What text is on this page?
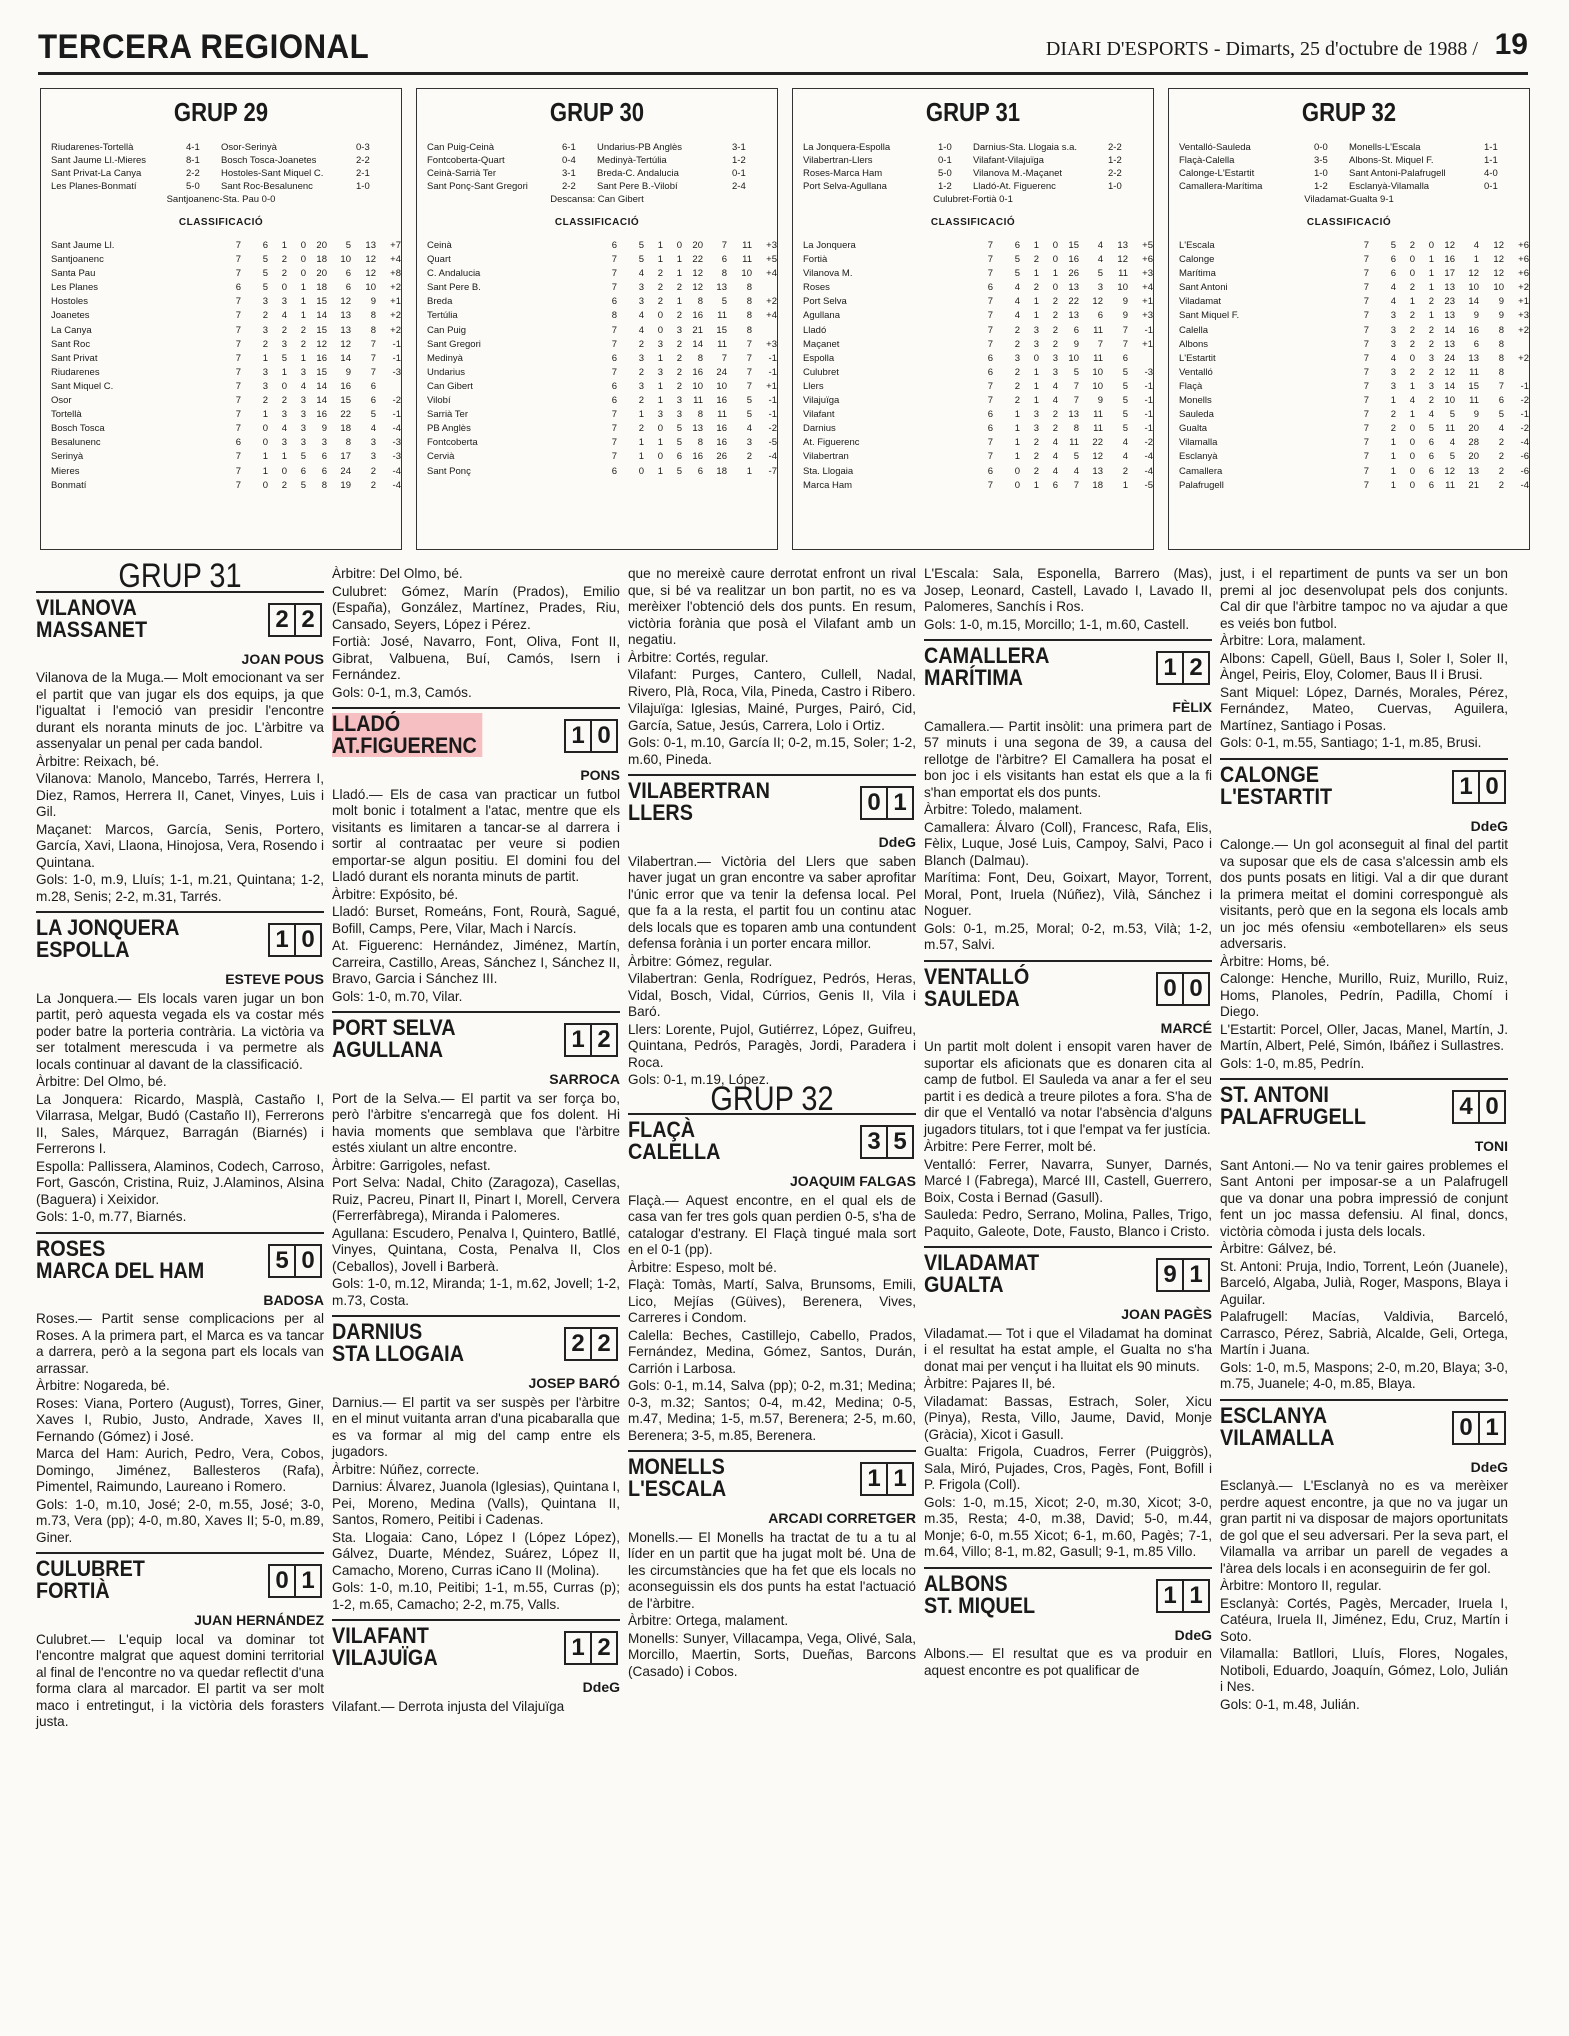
TERCERA REGIONAL	DIARI D'ESPORTS - Dimarts, 25 d'octubre de 1988 / 19
GRUP 29
Riudarenes-Tortellà	4-1	Osor-Serinyà	0-3
Sant Jaume Ll.-Mieres	8-1	Bosch Tosca-Joanetes	2-2
Sant Privat-La Canya	2-2	Hostoles-Sant Miquel C.	2-1
Les Planes-Bonmatí	5-0	Sant Roc-Besalunenc	1-0
Santjoanenc-Sta. Pau 0-0
CLASSIFICACIÓ
Sant Jaume Ll.	7	6	1	0	20	5	13	+7
Santjoanenc	7	5	2	0	18	10	12	+4
Santa Pau	7	5	2	0	20	6	12	+8
Les Planes	6	5	0	1	18	6	10	+2
Hostoles	7	3	3	1	15	12	9	+1
Joanetes	7	2	4	1	14	13	8	+2
La Canya	7	3	2	2	15	13	8	+2
Sant Roc	7	2	3	2	12	12	7	-1
Sant Privat	7	1	5	1	16	14	7	-1
Riudarenes	7	3	1	3	15	9	7	-3
Sant Miquel C.	7	3	0	4	14	16	6
Osor	7	2	2	3	14	15	6	-2
Tortellà	7	1	3	3	16	22	5	-1
Bosch Tosca	7	0	4	3	9	18	4	-4
Besalunenc	6	0	3	3	3	8	3	-3
Serinyà	7	1	1	5	6	17	3	-3
Mieres	7	1	0	6	6	24	2	-4
Bonmatí	7	0	2	5	8	19	2	-4
GRUP 30
Can Puig-Ceinà	6-1	Undarius-PB Anglès	3-1
Fontcoberta-Quart	0-4	Medinyà-Tertúlia	1-2
Ceinà-Sarrià Ter	3-1	Breda-C. Andalucia	0-1
Sant Ponç-Sant Gregori	2-2	Sant Pere B.-Vilobí	2-4
Descansa: Can Gibert
CLASSIFICACIÓ
Ceinà	6	5	1	0	20	7	11	+3
Quart	7	5	1	1	22	6	11	+5
C. Andalucia	7	4	2	1	12	8	10	+4
Sant Pere B.	7	3	2	2	12	13	8
Breda	6	3	2	1	8	5	8	+2
Tertúlia	8	4	0	2	16	11	8	+4
Can Puig	7	4	0	3	21	15	8
Sant Gregori	7	2	3	2	14	11	7	+3
Medinyà	6	3	1	2	8	7	7	-1
Undarius	7	2	3	2	16	24	7	-1
Can Gibert	6	3	1	2	10	10	7	+1
Vilobí	6	2	1	3	11	16	5	-1
Sarrià Ter	7	1	3	3	8	11	5	-1
PB Anglès	7	2	0	5	13	16	4	-2
Fontcoberta	7	1	1	5	8	16	3	-5
Cervià	7	1	0	6	16	26	2	-4
Sant Ponç	6	0	1	5	6	18	1	-7
GRUP 31
La Jonquera-Espolla	1-0	Darnius-Sta. Llogaia s.a.	2-2
Vilabertran-Llers	0-1	Vilafant-Vilajuïga	1-2
Roses-Marca Ham	5-0	Vilanova M.-Maçanet	2-2
Port Selva-Agullana	1-2	Lladó-At. Figuerenc	1-0
Culubret-Fortià 0-1
CLASSIFICACIÓ
La Jonquera	7	6	1	0	15	4	13	+5
Fortià	7	5	2	0	16	4	12	+6
Vilanova M.	7	5	1	1	26	5	11	+3
Roses	6	4	2	0	13	3	10	+4
Port Selva	7	4	1	2	22	12	9	+1
Agullana	7	4	1	2	13	6	9	+3
Lladó	7	2	3	2	6	11	7	-1
Maçanet	7	2	3	2	9	7	7	+1
Espolla	6	3	0	3	10	11	6
Culubret	6	2	1	3	5	10	5	-3
Llers	7	2	1	4	7	10	5	-1
Vilajuïga	7	2	1	4	7	9	5	-1
Vilafant	6	1	3	2	13	11	5	-1
Darnius	6	1	3	2	8	11	5	-1
At. Figuerenc	7	1	2	4	11	22	4	-2
Vilabertran	7	1	2	4	5	12	4	-4
Sta. Llogaia	6	0	2	4	4	13	2	-4
Marca Ham	7	0	1	6	7	18	1	-5
GRUP 32
Ventalló-Sauleda	0-0	Monells-L'Escala	1-1
Flaçà-Calella	3-5	Albons-St. Miquel F.	1-1
Calonge-L'Estartit	1-0	Sant Antoni-Palafrugell	4-0
Camallera-Marítima	1-2	Esclanyà-Vilamalla	0-1
Viladamat-Gualta 9-1
CLASSIFICACIÓ
L'Escala	7	5	2	0	12	4	12	+6
Calonge	7	6	0	1	16	1	12	+6
Marítima	7	6	0	1	17	12	12	+6
Sant Antoni	7	4	2	1	13	10	10	+2
Viladamat	7	4	1	2	23	14	9	+1
Sant Miquel F.	7	3	2	1	13	9	9	+3
Calella	7	3	2	2	14	16	8	+2
Albons	7	3	2	2	13	6	8
L'Estartit	7	4	0	3	24	13	8	+2
Ventalló	7	3	2	2	12	11	8
Flaçà	7	3	1	3	14	15	7	-1
Monells	7	1	4	2	10	11	6	-2
Sauleda	7	2	1	4	5	9	5	-1
Gualta	7	2	0	5	11	20	4	-2
Vilamalla	7	1	0	6	4	28	2	-4
Esclanyà	7	1	0	6	5	20	2	-6
Camallera	7	1	0	6	12	13	2	-6
Palafrugell	7	1	0	6	11	21	2	-4
GRUP 31
VILANOVA
MASSANET	2 2
JOAN POUS

Vilanova de la Muga.— Molt emocionant va ser el partit que van jugar els dos equips, ja que l'igualtat i l'emoció van presidir l'encontre durant els noranta minuts de joc. L'àrbitre va assenyalar un penal per cada bandol.

Àrbitre: Reixach, bé.

Vilanova: Manolo, Mancebo, Tarrés, Herrera I, Diez, Ramos, Herrera II, Canet, Vinyes, Luis i Gil.

Maçanet: Marcos, García, Senis, Portero, García, Xavi, Llaona, Hinojosa, Vera, Rosendo i Quintana.

Gols: 1-0, m.9, Lluís; 1-1, m.21, Quintana; 1-2, m.28, Senis; 2-2, m.31, Tarrés.

LA JONQUERA
ESPOLLA	1 0
ESTEVE POUS

La Jonquera.— Els locals varen jugar un bon partit, però aquesta vegada els va costar més poder batre la porteria contrària. La victòria va ser totalment merescuda i va permetre als locals continuar al davant de la classificació.

Àrbitre: Del Olmo, bé.

La Jonquera: Ricardo, Masplà, Castaño I, Vilarrasa, Melgar, Budó (Castaño II), Ferrerons II, Sales, Márquez, Barragán (Biarnés) i Ferrerons I.

Espolla: Pallissera, Alaminos, Codech, Carroso, Fort, Gascón, Cristina, Ruiz, J.Alaminos, Alsina (Baguera) i Xeixidor.

Gols: 1-0, m.77, Biarnés.

ROSES
MARCA DEL HAM	5 0
BADOSA

Roses.— Partit sense complicacions per al Roses. A la primera part, el Marca es va tancar a darrera, però a la segona part els locals van arrassar.

Àrbitre: Nogareda, bé.

Roses: Viana, Portero (August), Torres, Giner, Xaves I, Rubio, Justo, Andrade, Xaves II, Fernando (Gómez) i José.

Marca del Ham: Aurich, Pedro, Vera, Cobos, Domingo, Jiménez, Ballesteros (Rafa), Pimentel, Raimundo, Laureano i Romero.

Gols: 1-0, m.10, José; 2-0, m.55, José; 3-0, m.73, Vera (pp); 4-0, m.80, Xaves II; 5-0, m.89, Giner.

CULUBRET
FORTIÀ	0 1
JUAN HERNÁNDEZ

Culubret.— L'equip local va dominar tot l'encontre malgrat que aquest domini territorial al final de l'encontre no va quedar reflectit d'una forma clara al marcador. El partit va ser molt maco i entretingut, i la victòria dels forasters justa.

Àrbitre: Del Olmo, bé.

Culubret: Gómez, Marín (Prados), Emilio (España), González, Martínez, Prades, Riu, Cansado, Seyers, López i Pérez.

Fortià: José, Navarro, Font, Oliva, Font II, Gibrat, Valbuena, Buí, Camós, Isern i Fernández.

Gols: 0-1, m.3, Camós.

LLADÓ
AT.FIGUERENC	1 0
PONS

Lladó.— Els de casa van practicar un futbol molt bonic i totalment a l'atac, mentre que els visitants es limitaren a tancar-se al darrera i sortir al contraatac per veure si podien emportar-se algun positiu. El domini fou del Lladó durant els noranta minuts de partit.

Àrbitre: Expósito, bé.

Lladó: Burset, Romeáns, Font, Rourà, Sagué, Bofill, Camps, Pere, Vilar, Mach i Narcís.

At. Figuerenc: Hernández, Jiménez, Martín, Carreira, Castillo, Areas, Sánchez I, Sánchez II, Bravo, Garcia i Sánchez III.

Gols: 1-0, m.70, Vilar.

PORT SELVA
AGULLANA	1 2
SARROCA

Port de la Selva.— El partit va ser força bo, però l'àrbitre s'encarregà que fos dolent. Hi havia moments que semblava que l'àrbitre estés xiulant un altre encontre.

Àrbitre: Garrigoles, nefast.

Port Selva: Nadal, Chito (Zaragoza), Casellas, Ruiz, Pacreu, Pinart II, Pinart I, Morell, Cervera (Ferrerfàbrega), Miranda i Palomeres.

Agullana: Escudero, Penalva I, Quintero, Batllé, Vinyes, Quintana, Costa, Penalva II, Clos (Ceballos), Jovell i Barberà.

Gols: 1-0, m.12, Miranda; 1-1, m.62, Jovell; 1-2, m.73, Costa.

DARNIUS
STA LLOGAIA	2 2
JOSEP BARÓ

Darnius.— El partit va ser suspès per l'àrbitre en el minut vuitanta arran d'una picabaralla que es va formar al mig del camp entre els jugadors.

Àrbitre: Núñez, correcte.

Darnius: Álvarez, Juanola (Iglesias), Quintana I, Pei, Moreno, Medina (Valls), Quintana II, Santos, Romero, Peitibi i Cadenas.

Sta. Llogaia: Cano, López I (López López), Gálvez, Duarte, Méndez, Suárez, López II, Camacho, Moreno, Curras iCano II (Molina).

Gols: 1-0, m.10, Peitibi; 1-1, m.55, Curras (p); 1-2, m.65, Camacho; 2-2, m.75, Valls.

VILAFANT
VILAJUÏGA	1 2
DdeG

Vilafant.— Derrota injusta del Vilajuïga

que no mereixè caure derrotat enfront un rival que, si bé va realitzar un bon partit, no es va merèixer l'obtenció dels dos punts. En resum, victòria forània que posà el Vilafant amb un negatiu.

Àrbitre: Cortés, regular.

Vilafant: Purges, Cantero, Cullell, Nadal, Rivero, Plà, Roca, Vila, Pineda, Castro i Ribero.

Vilajuïga: Iglesias, Mainé, Purges, Pairó, Cid, García, Satue, Jesús, Carrera, Lolo i Ortiz.

Gols: 0-1, m.10, García II; 0-2, m.15, Soler; 1-2, m.60, Pineda.

VILABERTRAN
LLERS	0 1
DdeG

Vilabertran.— Victòria del Llers que saben haver jugat un gran encontre va saber aprofitar l'únic error que va tenir la defensa local. Pel que fa a la resta, el partit fou un continu atac dels locals que es toparen amb una contundent defensa forània i un porter encara millor.

Àrbitre: Gómez, regular.

Vilabertran: Genla, Rodríguez, Pedrós, Heras, Vidal, Bosch, Vidal, Cúrrios, Genis II, Vila i Baró.

Llers: Lorente, Pujol, Gutiérrez, López, Guifreu, Quintana, Pedrós, Paragès, Jordi, Paradera i Roca.

Gols: 0-1, m.19, López.

GRUP 32
FLAÇÀ
CALELLA	3 5
JOAQUIM FALGAS

Flaçà.— Aquest encontre, en el qual els de casa van fer tres gols quan perdien 0-5, s'ha de catalogar d'estrany. El Flaçà tingué mala sort en el 0-1 (pp).

Àrbitre: Espeso, molt bé.

Flaçà: Tomàs, Martí, Salva, Brunsoms, Emili, Lico, Mejías (Güives), Berenera, Vives, Carreres i Condom.

Calella: Beches, Castillejo, Cabello, Prados, Fernández, Medina, Gómez, Santos, Durán, Carrión i Larbosa.

Gols: 0-1, m.14, Salva (pp); 0-2, m.31; Medina; 0-3, m.32; Santos; 0-4, m.42, Medina; 0-5, m.47, Medina; 1-5, m.57, Berenera; 2-5, m.60, Berenera; 3-5, m.85, Berenera.

MONELLS
L'ESCALA	1 1
ARCADI CORRETGER

Monells.— El Monells ha tractat de tu a tu al líder en un partit que ha jugat molt bé. Una de les circumstàncies que ha fet que els locals no aconseguissin els dos punts ha estat l'actuació de l'àrbitre.

Àrbitre: Ortega, malament.

Monells: Sunyer, Villacampa, Vega, Olivé, Sala, Morcillo, Maertin, Sorts, Dueñas, Barcons (Casado) i Cobos.

L'Escala: Sala, Esponella, Barrero (Mas), Josep, Leonard, Castell, Lavado I, Lavado II, Palomeres, Sanchís i Ros.

Gols: 1-0, m.15, Morcillo; 1-1, m.60, Castell.

CAMALLERA
MARÍTIMA	1 2
FÈLIX

Camallera.— Partit insòlit: una primera part de 57 minuts i una segona de 39, a causa del rellotge de l'àrbitre? El Camallera ha posat el bon joc i els visitants han estat els que a la fi s'han emportat els dos punts.

Àrbitre: Toledo, malament.

Camallera: Álvaro (Coll), Francesc, Rafa, Elis, Fèlix, Luque, José Luis, Campoy, Salvi, Paco i Blanch (Dalmau).

Marítima: Font, Deu, Goixart, Mayor, Torrent, Moral, Pont, Iruela (Núñez), Vilà, Sánchez i Noguer.

Gols: 0-1, m.25, Moral; 0-2, m.53, Vilà; 1-2, m.57, Salvi.

VENTALLÓ
SAULEDA	0 0
MARCÉ

Un partit molt dolent i ensopit varen haver de suportar els aficionats que es donaren cita al camp de futbol. El Sauleda va anar a fer el seu partit i es dedicà a treure pilotes a fora. S'ha de dir que el Ventalló va notar l'absència d'alguns jugadors titulars, tot i que l'empat va fer justícia.

Àrbitre: Pere Ferrer, molt bé.

Ventalló: Ferrer, Navarra, Sunyer, Darnés, Marcé I (Fabrega), Marcé III, Castell, Guerrero, Boix, Costa i Bernad (Gasull).

Sauleda: Pedro, Serrano, Molina, Palles, Trigo, Paquito, Galeote, Dote, Fausto, Blanco i Cristo.

VILADAMAT
GUALTA	9 1
JOAN PAGÈS

Viladamat.— Tot i que el Viladamat ha dominat i el resultat ha estat ample, el Gualta no s'ha donat mai per vençut i ha lluitat els 90 minuts.

Àrbitre: Pajares II, bé.

Viladamat: Bassas, Estrach, Soler, Xicu (Pinya), Resta, Villo, Jaume, David, Monje (Gràcia), Xicot i Gasull.

Gualta: Frigola, Cuadros, Ferrer (Puiggròs), Sala, Miró, Pujades, Cros, Pagès, Font, Bofill i P. Frigola (Coll).

Gols: 1-0, m.15, Xicot; 2-0, m.30, Xicot; 3-0, m.35, Resta; 4-0, m.38, David; 5-0, m.44, Monje; 6-0, m.55 Xicot; 6-1, m.60, Pagès; 7-1, m.64, Villo; 8-1, m.82, Gasull; 9-1, m.85 Villo.

ALBONS
ST. MIQUEL	1 1
DdeG

Albons.— El resultat que es va produir en aquest encontre es pot qualificar de

just, i el repartiment de punts va ser un bon premi al joc desenvolupat pels dos conjunts. Cal dir que l'àrbitre tampoc no va ajudar a que es veiés bon futbol.

Àrbitre: Lora, malament.

Albons: Capell, Güell, Baus I, Soler I, Soler II, Àngel, Peiris, Eloy, Colomer, Baus II i Brusi.

Sant Miquel: López, Darnés, Morales, Pérez, Fernández, Mateo, Cuervas, Aguilera, Martínez, Santiago i Posas.

Gols: 0-1, m.55, Santiago; 1-1, m.85, Brusi.

CALONGE
L'ESTARTIT	1 0
DdeG

Calonge.— Un gol aconseguit al final del partit va suposar que els de casa s'alcessin amb els dos punts posats en litigi. Val a dir que durant la primera meitat el domini corresponguè als visitants, però que en la segona els locals amb un joc més ofensiu «embotellaren» els seus adversaris.

Àrbitre: Homs, bé.

Calonge: Henche, Murillo, Ruiz, Murillo, Ruiz, Homs, Planoles, Pedrín, Padilla, Chomí i Diego.

L'Estartit: Porcel, Oller, Jacas, Manel, Martín, J. Martín, Albert, Pelé, Simón, Ibáñez i Sullastres.

Gols: 1-0, m.85, Pedrín.

ST. ANTONI
PALAFRUGELL	4 0
TONI

Sant Antoni.— No va tenir gaires problemes el Sant Antoni per imposar-se a un Palafrugell que va donar una pobra impressió de conjunt fent un joc massa defensiu. Al final, doncs, victòria còmoda i justa dels locals.

Àrbitre: Gálvez, bé.

St. Antoni: Pruja, Indio, Torrent, León (Juanele), Barceló, Algaba, Julià, Roger, Maspons, Blaya i Aguilar.

Palafrugell: Macías, Valdivia, Barceló, Carrasco, Pérez, Sabrià, Alcalde, Geli, Ortega, Martín i Juana.

Gols: 1-0, m.5, Maspons; 2-0, m.20, Blaya; 3-0, m.75, Juanele; 4-0, m.85, Blaya.

ESCLANYA
VILAMALLA	0 1
DdeG

Esclanyà.— L'Esclanyà no es va merèixer perdre aquest encontre, ja que no va jugar un gran partit ni va disposar de majors oportunitats de gol que el seu adversari. Per la seva part, el Vilamalla va arribar un parell de vegades a l'àrea dels locals i en aconseguirin de fer gol.

Àrbitre: Montoro II, regular.

Esclanyà: Cortés, Pagès, Mercader, Iruela I, Catéura, Iruela II, Jiménez, Edu, Cruz, Martín i Soto.

Vilamalla: Batllori, Lluís, Flores, Nogales, Notiboli, Eduardo, Joaquín, Gómez, Lolo, Julián i Nes.

Gols: 0-1, m.48, Julián.
